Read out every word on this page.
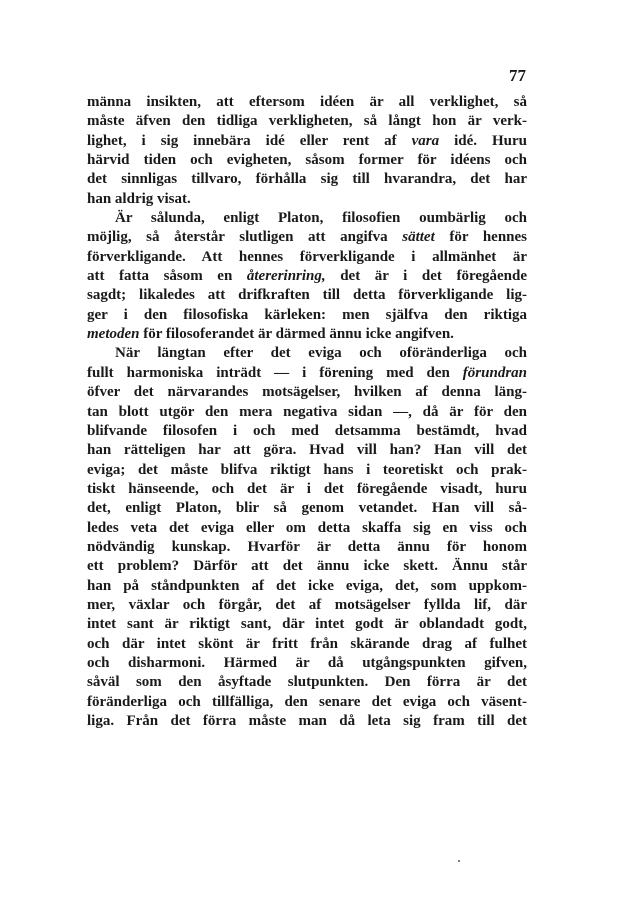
77
männa insikten, att eftersom idéen är all verklighet, så
måste äfven den tidliga verkligheten, så långt hon är verk-
lighet, i sig innebära idé eller rent af vara idé. Huru
härvid tiden och evigheten, såsom former för idéens och
det sinnligas tillvaro, förhålla sig till hvarandra, det har
han aldrig visat.
Är sålunda, enligt Platon, filosofien oumbärlig och
möjlig, så återstår slutligen att angifva sättet för hennes
förverkligande. Att hennes förverkligande i allmänhet är
att fatta såsom en återerinring, det är i det föregående
sagdt; likaledes att drifkraften till detta förverkligande lig-
ger i den filosofiska kärleken: men själfva den riktiga
metoden för filosoferandet är därmed ännu icke angifven.
När längtan efter det eviga och oföränderliga och
fullt harmoniska inträdt — i förening med den förundran
öfver det närvarandes motsägelser, hvilken af denna läng-
tan blott utgör den mera negativa sidan —, då är för den
blifvande filosofen i och med detsamma bestämdt, hvad
han rätteligen har att göra. Hvad vill han? Han vill det
eviga; det måste blifva riktigt hans i teoretiskt och prak-
tiskt hänseende, och det är i det föregående visadt, huru
det, enligt Platon, blir så genom vetandet. Han vill så-
ledes veta det eviga eller om detta skaffa sig en viss och
nödvändig kunskap. Hvarför är detta ännu för honom
ett problem? Därför att det ännu icke skett. Ännu står
han på ståndpunkten af det icke eviga, det, som uppkom-
mer, växlar och förgår, det af motsägelser fyllda lif, där
intet sant är riktigt sant, där intet godt är oblandadt godt,
och där intet skönt är fritt från skärande drag af fulhet
och disharmoni. Härmed är då utgångspunkten gifven,
såväl som den åsyftade slutpunkten. Den förra är det
föränderliga och tillfälliga, den senare det eviga och väsent-
liga. Från det förra måste man då leta sig fram till det
